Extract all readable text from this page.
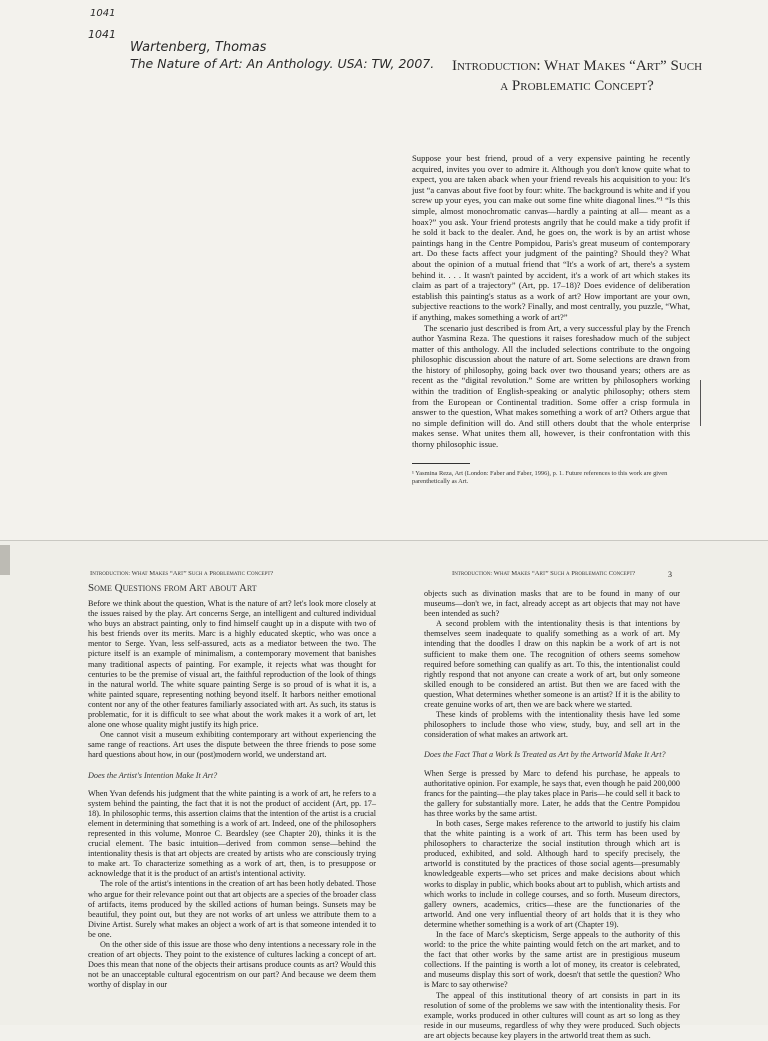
1041
1041
Wartenberg, Thomas
The Nature of Art: An Anthology. USA: TW, 2007.	Introduction: What Makes “Art” Such
a Problematic Concept?

Suppose your best friend, proud of a very expensive painting he recently acquired, invites you over to admire it. Although you don't know quite what to expect, you are taken aback when your friend reveals his acquisition to you: It's just “a canvas about five foot by four: white. The background is white and if you screw up your eyes, you can make out some fine white diagonal lines.”¹ “Is this simple, almost monochromatic canvas—hardly a painting at all— meant as a hoax?” you ask. Your friend protests angrily that he could make a tidy profit if he sold it back to the dealer. And, he goes on, the work is by an artist whose paintings hang in the Centre Pompidou, Paris's great museum of contemporary art. Do these facts affect your judgment of the painting? Should they? What about the opinion of a mutual friend that “It's a work of art, there's a system behind it. . . . It wasn't painted by accident, it's a work of art which stakes its claim as part of a trajectory” (Art, pp. 17–18)? Does evidence of deliberation establish this painting's status as a work of art? How important are your own, subjective reactions to the work? Finally, and most centrally, you puzzle, “What, if anything, makes something a work of art?”

The scenario just described is from Art, a very successful play by the French author Yasmina Reza. The questions it raises foreshadow much of the subject matter of this anthology. All the included selections contribute to the ongoing philosophic discussion about the nature of art. Some selections are drawn from the history of philosophy, going back over two thousand years; others are as recent as the “digital revolution.” Some are written by philosophers working within the tradition of English-speaking or analytic philosophy; others stem from the European or Continental tradition. Some offer a crisp formula in answer to the question, What makes something a work of art? Others argue that no simple definition will do. And still others doubt that the whole enterprise makes sense. What unites them all, however, is their confrontation with this thorny philosophic issue.

¹ Yasmina Reza, Art (London: Faber and Faber, 1996), p. 1. Future references to this work are given parenthetically as Art.
Introduction: What Makes “Art” Such a Problematic Concept?	Introduction: What Makes “Art” Such a Problematic Concept?	3
Some Questions from Art about Art

Before we think about the question, What is the nature of art? let's look more closely at the issues raised by the play. Art concerns Serge, an intelligent and cultured individual who buys an abstract painting, only to find himself caught up in a dispute with two of his best friends over its merits. Marc is a highly educated skeptic, who was once a mentor to Serge. Yvan, less self-assured, acts as a mediator between the two. The picture itself is an example of minimalism, a contemporary movement that banishes many traditional aspects of painting. For example, it rejects what was thought for centuries to be the premise of visual art, the faithful reproduction of the look of things in the natural world. The white square painting Serge is so proud of is what it is, a white painted square, representing nothing beyond itself. It harbors neither emotional content nor any of the other features familiarly associated with art. As such, its status is problematic, for it is difficult to see what about the work makes it a work of art, let alone one whose quality might justify its high price.

One cannot visit a museum exhibiting contemporary art without experiencing the same range of reactions. Art uses the dispute between the three friends to pose some hard questions about how, in our (post)modern world, we understand art.

Does the Artist's Intention Make It Art?

When Yvan defends his judgment that the white painting is a work of art, he refers to a system behind the painting, the fact that it is not the product of accident (Art, pp. 17–18). In philosophic terms, this assertion claims that the intention of the artist is a crucial element in determining that something is a work of art. Indeed, one of the philosophers represented in this volume, Monroe C. Beardsley (see Chapter 20), thinks it is the crucial element. The basic intuition—derived from common sense—behind the intentionality thesis is that art objects are created by artists who are consciously trying to make art. To characterize something as a work of art, then, is to presuppose or acknowledge that it is the product of an artist's intentional activity.

The role of the artist's intentions in the creation of art has been hotly debated. Those who argue for their relevance point out that art objects are a species of the broader class of artifacts, items produced by the skilled actions of human beings. Sunsets may be beautiful, they point out, but they are not works of art unless we attribute them to a Divine Artist. Surely what makes an object a work of art is that someone intended it to be one.

On the other side of this issue are those who deny intentions a necessary role in the creation of art objects. They point to the existence of cultures lacking a concept of art. Does this mean that none of the objects their artisans produce counts as art? Would this not be an unacceptable cultural egocentrism on our part? And because we deem them worthy of display in our

objects such as divination masks that are to be found in many of our museums—don't we, in fact, already accept as art objects that may not have been intended as such?

A second problem with the intentionality thesis is that intentions by themselves seem inadequate to qualify something as a work of art. My intending that the doodles I draw on this napkin be a work of art is not sufficient to make them one. The recognition of others seems somehow required before something can qualify as art. To this, the intentionalist could rightly respond that not anyone can create a work of art, but only someone skilled enough to be considered an artist. But then we are faced with the question, What determines whether someone is an artist? If it is the ability to create genuine works of art, then we are back where we started.

These kinds of problems with the intentionality thesis have led some philosophers to include those who view, study, buy, and sell art in the consideration of what makes an artwork art.

Does the Fact That a Work Is Treated as Art by the Artworld Make It Art?

When Serge is pressed by Marc to defend his purchase, he appeals to authoritative opinion. For example, he says that, even though he paid 200,000 francs for the painting—the play takes place in Paris—he could sell it back to the gallery for substantially more. Later, he adds that the Centre Pompidou has three works by the same artist.

In both cases, Serge makes reference to the artworld to justify his claim that the white painting is a work of art. This term has been used by philosophers to characterize the social institution through which art is produced, exhibited, and sold. Although hard to specify precisely, the artworld is constituted by the practices of those social agents—presumably knowledgeable experts—who set prices and make decisions about which works to display in public, which books about art to publish, which artists and which works to include in college courses, and so forth. Museum directors, gallery owners, academics, critics—these are the functionaries of the artworld. And one very influential theory of art holds that it is they who determine whether something is a work of art (Chapter 19).

In the face of Marc's skepticism, Serge appeals to the authority of this world: to the price the white painting would fetch on the art market, and to the fact that other works by the same artist are in prestigious museum collections. If the painting is worth a lot of money, its creator is celebrated, and museums display this sort of work, doesn't that settle the question? Who is Marc to say otherwise?

The appeal of this institutional theory of art consists in part in its resolution of some of the problems we saw with the intentionality thesis. For example, works produced in other cultures will count as art so long as they reside in our museums, regardless of why they were produced. Such objects are art objects because key players in the artworld treat them as such.
